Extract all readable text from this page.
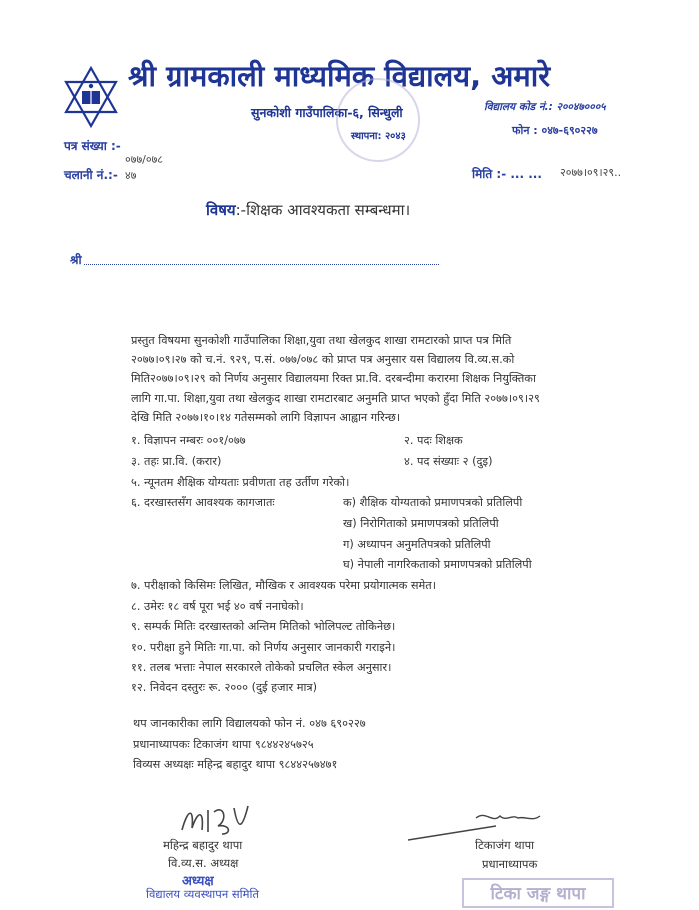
श्री ग्रामकाली माध्यमिक विद्यालय, अमारे
सुनकोशी गाउँपालिका-६, सिन्धुली
स्थापना: २०४३
विद्यालय कोड नं.: २००४७०००५
फोन : ०४७-६९०२२७
पत्र संख्या :-
०७७/०७८
चलानी नं.:- ४७	मिति :- ... ... २०७७।०९।२९..
विषय:-शिक्षक आवश्यकता सम्बन्धमा।
श्री

प्रस्तुत विषयमा सुनकोशी गाउँपालिका शिक्षा,युवा तथा खेलकुद शाखा रामटारको प्राप्त पत्र मिति

२०७७।०९।२७ को च.नं. ९२९, प.सं. ०७७/०७८ को प्राप्त पत्र अनुसार यस विद्यालय वि.व्य.स.को

मिति२०७७।०९।२९ को निर्णय अनुसार विद्यालयमा रिक्त प्रा.वि. दरबन्दीमा करारमा शिक्षक नियुक्तिका

लागि गा.पा. शिक्षा,युवा तथा खेलकुद शाखा रामटारबाट अनुमति प्राप्त भएको हुँदा मिति २०७७।०९।२९

देखि मिति २०७७।१०।१४ गतेसम्मको लागि विज्ञापन आह्वान गरिन्छ।

१. विज्ञापन नम्बरः ००१/०७७	२. पदः शिक्षक
३. तहः प्रा.वि. (करार)	४. पद संख्याः २ (दुइ)
५. न्यूनतम शैक्षिक योग्यताः प्रवीणता तह उर्तीण गरेको।
६. दरखास्तसँग आवश्यक कागजातः	क) शैक्षिक योग्यताको प्रमाणपत्रको प्रतिलिपी
ख) निरोगिताको प्रमाणपत्रको प्रतिलिपी
ग) अध्यापन अनुमतिपत्रको प्रतिलिपी
घ) नेपाली नागरिकताको प्रमाणपत्रको प्रतिलिपी
७. परीक्षाको किसिमः लिखित, मौखिक र आवश्यक परेमा प्रयोगात्मक समेत।
८. उमेरः १८ वर्ष पूरा भई ४० वर्ष ननाघेको।
९. सम्पर्क मितिः दरखास्तको अन्तिम मितिको भोलिपल्ट तोकिनेछ।
१०. परीक्षा हुने मितिः गा.पा. को निर्णय अनुसार जानकारी गराइने।
११. तलब भत्ताः नेपाल सरकारले तोकेको प्रचलित स्केल अनुसार।
१२. निवेदन दस्तुरः रू. २००० (दुई हजार मात्र)
थप जानकारीका लागि विद्यालयको फोन नं. ०४७ ६९०२२७
प्रधानाध्यापकः टिकाजंग थापा ९८४४२४५७२५
विव्यस अध्यक्षः महिन्द्र बहादुर थापा ९८४४२५७४७१
महिन्द्र बहादुर थापा
वि.व्य.स. अध्यक्ष
अध्यक्ष
विद्यालय व्यवस्थापन समिति
टिकाजंग थापा
प्रधानाध्यापक
टिका जङ्ग थापा
